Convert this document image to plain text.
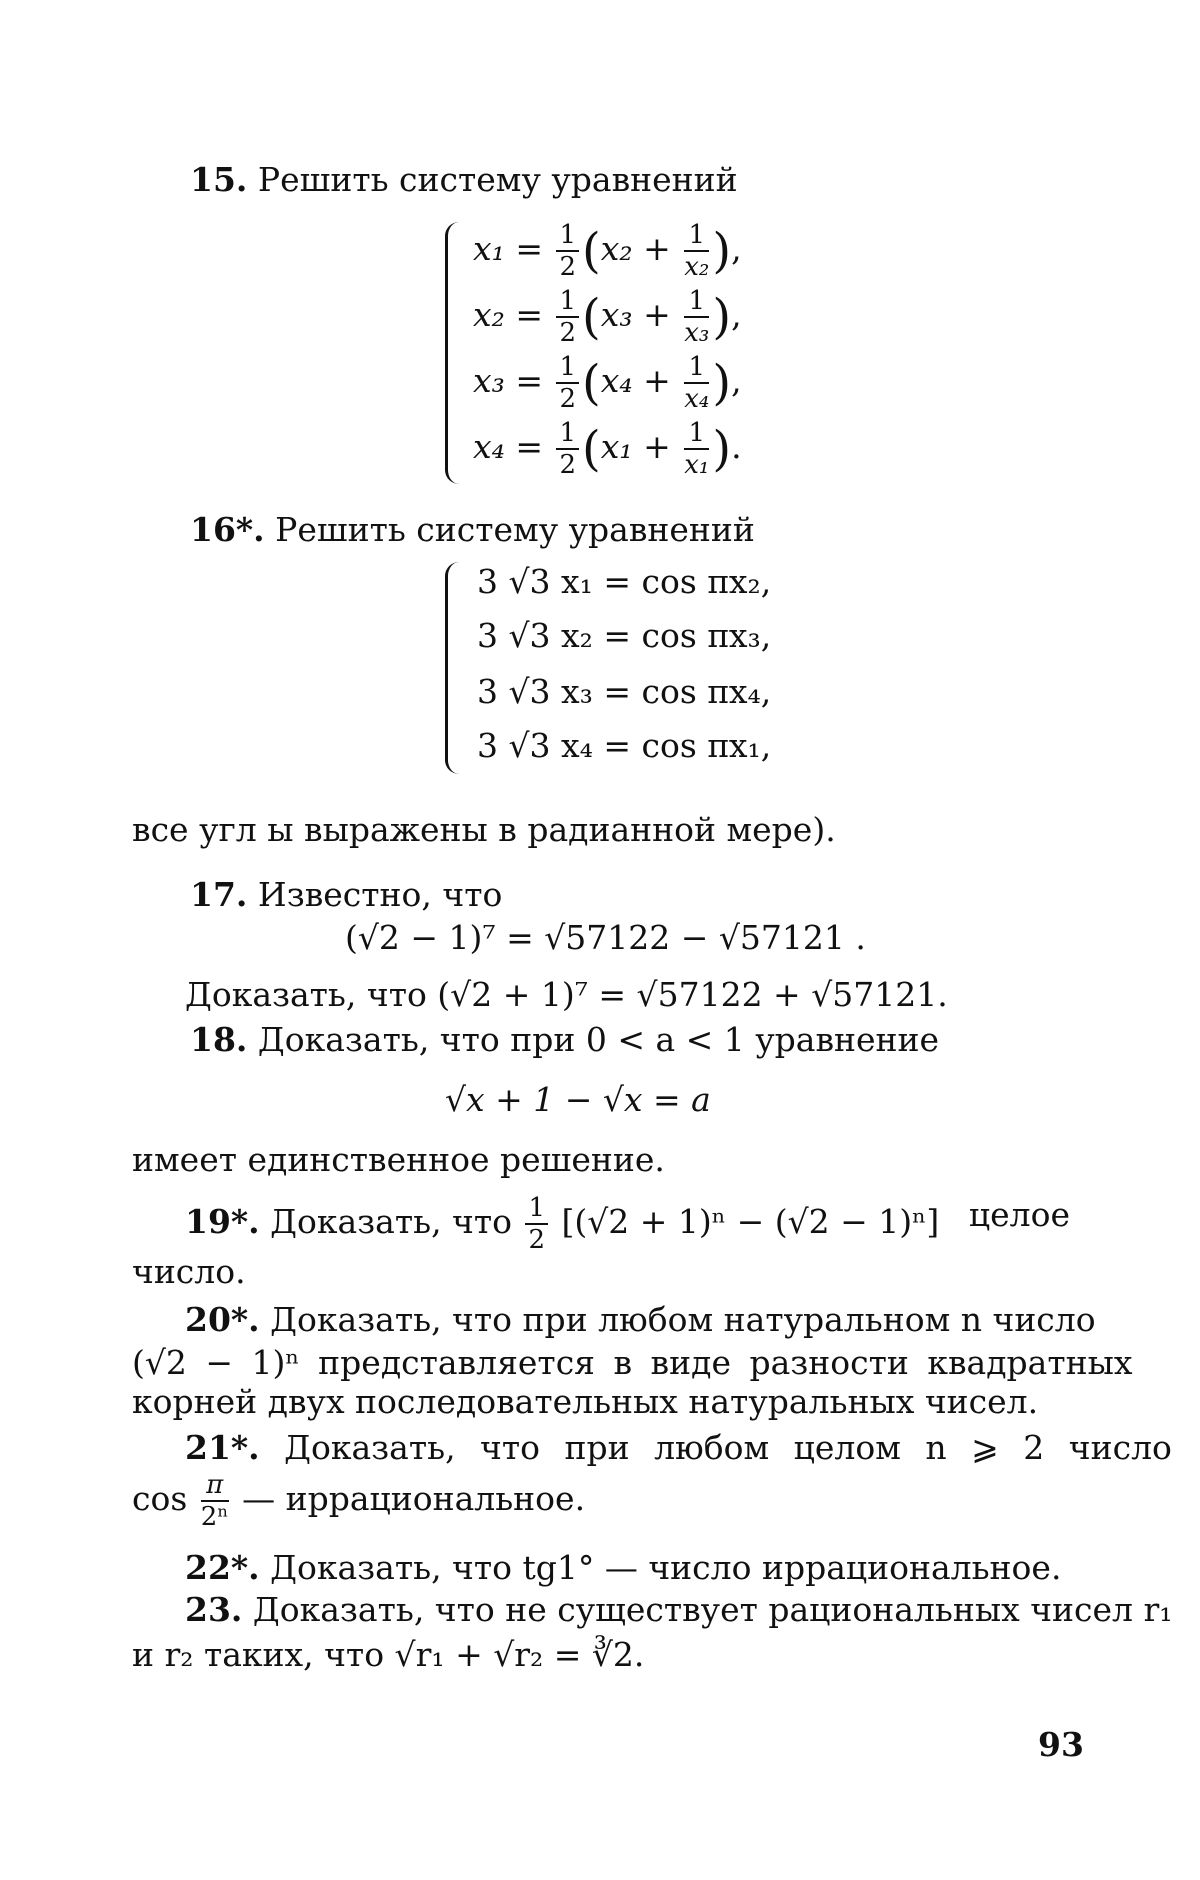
15. Решить систему уравнений
$x_1 = \frac{1}{2} (x_2 + \frac{1}{\text{x₂}}$ ),
$x_2 = \frac{1}{2} (x_3 + \frac{1}{\text{x₃}}$ ),
$x_3 = \frac{1}{2} (x_4 + \frac{1}{\text{x₄}}$ ),
$x_4 = \frac{1}{2} (x_1 + \frac{1}{\text{x₁}}$ ).
16*. Решить систему уравнений
3 √3 x₁ = cos πx₂,
3 √3 x₂ = cos πx₃,
3 √3 x₃ = cos πx₄,
3 √3 x₄ = cos πx₁,
все угл ы выражены в радианной мере).
17. Известно, что
(√2 − 1)⁷ = √57122 − √57121 .
Доказать, что (√2 + 1)⁷ = √57122 + √57121.
18. Доказать, что при 0 < a < 1 уравнение
√x + 1 − √x = a
имеет единственное решение.
19*. Доказать, что $\frac{1}{2} [(√2 + 1)^n - (√2 - 1)^n]$ целое
число.
20*. Доказать, что при любом натуральном n число
(√2 − 1)ⁿ представляется в виде разности квадратных
корней двух последовательных натуральных чисел.
21*. Доказать, что при любом целом n ⩾ 2 число
$\cos \frac{\pi}{\text{2ⁿ}}$ — иррациональное.
22*. Доказать, что tg1° — число иррациональное.
23. Доказать, что не существует рациональных чисел r₁
и r₂ таких, что √r₁ + √r₂ = ∛2.
93
